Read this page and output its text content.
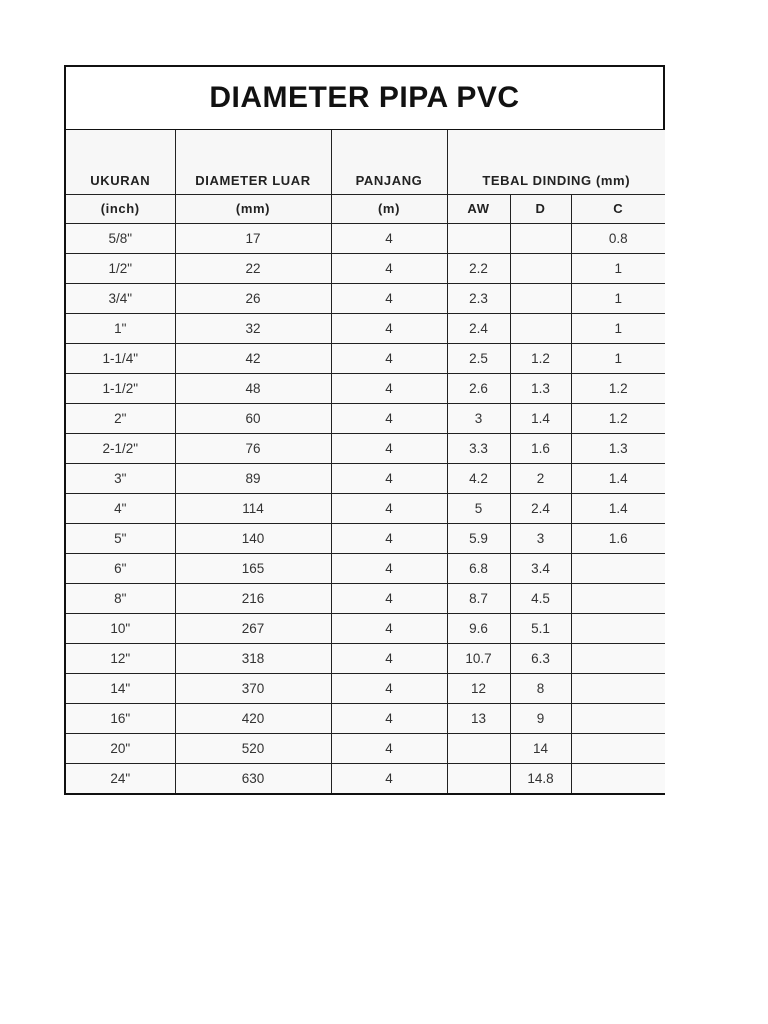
DIAMETER PIPA PVC
UKURAN	DIAMETER LUAR	PANJANG	TEBAL DINDING (mm)		
(inch)	(mm)	(m)	AW	D	C
5/8"	17	4			0.8
1/2"	22	4	2.2		1
3/4"	26	4	2.3		1
1"	32	4	2.4		1
1-1/4"	42	4	2.5	1.2	1
1-1/2"	48	4	2.6	1.3	1.2
2"	60	4	3	1.4	1.2
2-1/2"	76	4	3.3	1.6	1.3
3"	89	4	4.2	2	1.4
4"	114	4	5	2.4	1.4
5"	140	4	5.9	3	1.6
6"	165	4	6.8	3.4	
8"	216	4	8.7	4.5	
10"	267	4	9.6	5.1	
12"	318	4	10.7	6.3	
14"	370	4	12	8	
16"	420	4	13	9	
20"	520	4		14	
24"	630	4		14.8	
